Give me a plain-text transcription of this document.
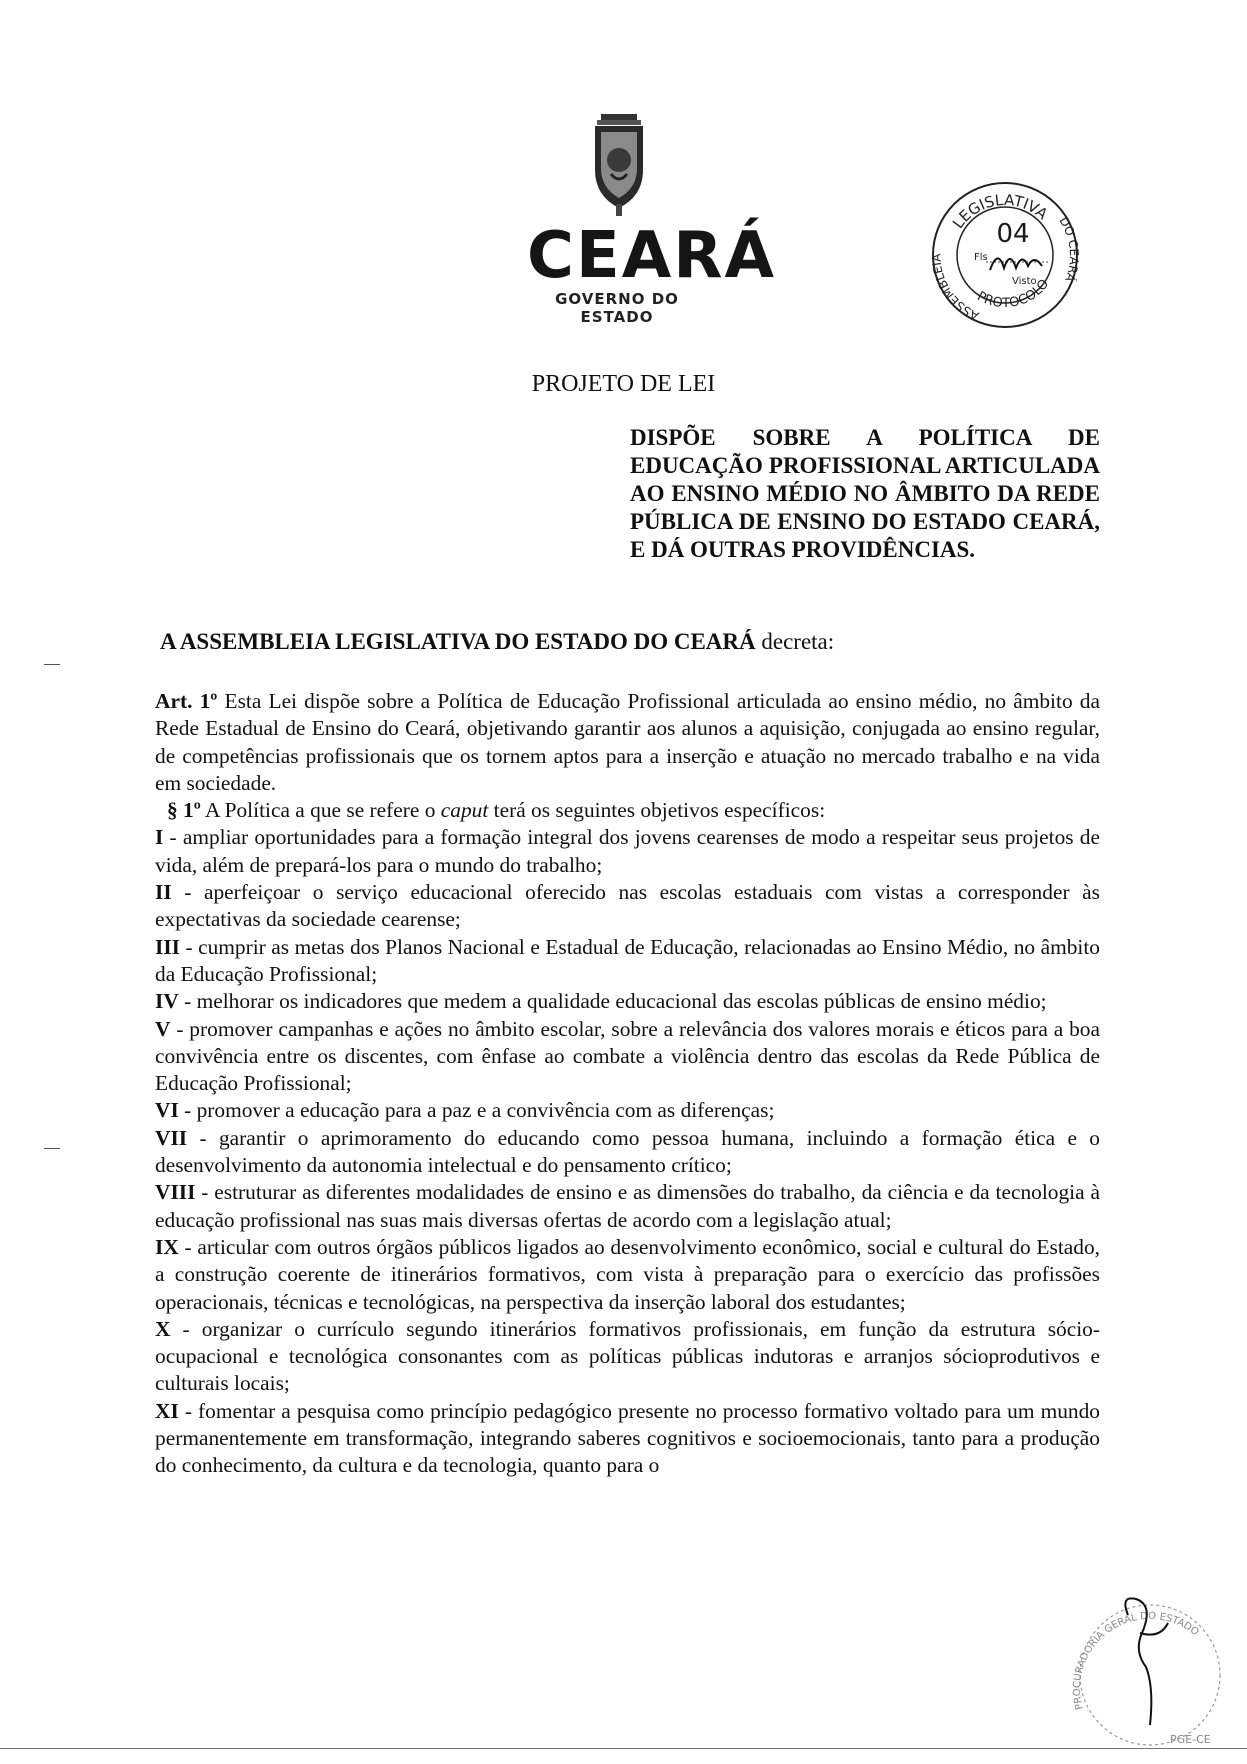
CEARÁ
GOVERNO DO ESTADO
LEGISLATIVA
ASSEMBLEIA
DO CEARÁ
PROTOCOLO
04
Fls
Visto
PROJETO DE LEI
DISPÕE SOBRE A POLÍTICA DE EDUCAÇÃO PROFISSIONAL ARTICULADA AO ENSINO MÉDIO NO ÂMBITO DA REDE PÚBLICA DE ENSINO DO ESTADO CEARÁ, E DÁ OUTRAS PROVIDÊNCIAS.
A ASSEMBLEIA LEGISLATIVA DO ESTADO DO CEARÁ decreta:

Art. 1º Esta Lei dispõe sobre a Política de Educação Profissional articulada ao ensino médio, no âmbito da Rede Estadual de Ensino do Ceará, objetivando garantir aos alunos a aquisição, conjugada ao ensino regular, de competências profissionais que os tornem aptos para a inserção e atuação no mercado trabalho e na vida em sociedade.

§ 1º A Política a que se refere o caput terá os seguintes objetivos específicos:

I - ampliar oportunidades para a formação integral dos jovens cearenses de modo a respeitar seus projetos de vida, além de prepará-los para o mundo do trabalho;

II - aperfeiçoar o serviço educacional oferecido nas escolas estaduais com vistas a corresponder às expectativas da sociedade cearense;

III - cumprir as metas dos Planos Nacional e Estadual de Educação, relacionadas ao Ensino Médio, no âmbito da Educação Profissional;

IV - melhorar os indicadores que medem a qualidade educacional das escolas públicas de ensino médio;

V - promover campanhas e ações no âmbito escolar, sobre a relevância dos valores morais e éticos para a boa convivência entre os discentes, com ênfase ao combate a violência dentro das escolas da Rede Pública de Educação Profissional;

VI - promover a educação para a paz e a convivência com as diferenças;

VII - garantir o aprimoramento do educando como pessoa humana, incluindo a formação ética e o desenvolvimento da autonomia intelectual e do pensamento crítico;

VIII - estruturar as diferentes modalidades de ensino e as dimensões do trabalho, da ciência e da tecnologia à educação profissional nas suas mais diversas ofertas de acordo com a legislação atual;

IX - articular com outros órgãos públicos ligados ao desenvolvimento econômico, social e cultural do Estado, a construção coerente de itinerários formativos, com vista à preparação para o exercício das profissões operacionais, técnicas e tecnológicas, na perspectiva da inserção laboral dos estudantes;

X - organizar o currículo segundo itinerários formativos profissionais, em função da estrutura sócio-ocupacional e tecnológica consonantes com as políticas públicas indutoras e arranjos sócioprodutivos e culturais locais;

XI - fomentar a pesquisa como princípio pedagógico presente no processo formativo voltado para um mundo permanentemente em transformação, integrando saberes cognitivos e socioemocionais, tanto para a produção do conhecimento, da cultura e da tecnologia, quanto para o

PROCURADORIA GERAL DO ESTADO
PGE-CE
